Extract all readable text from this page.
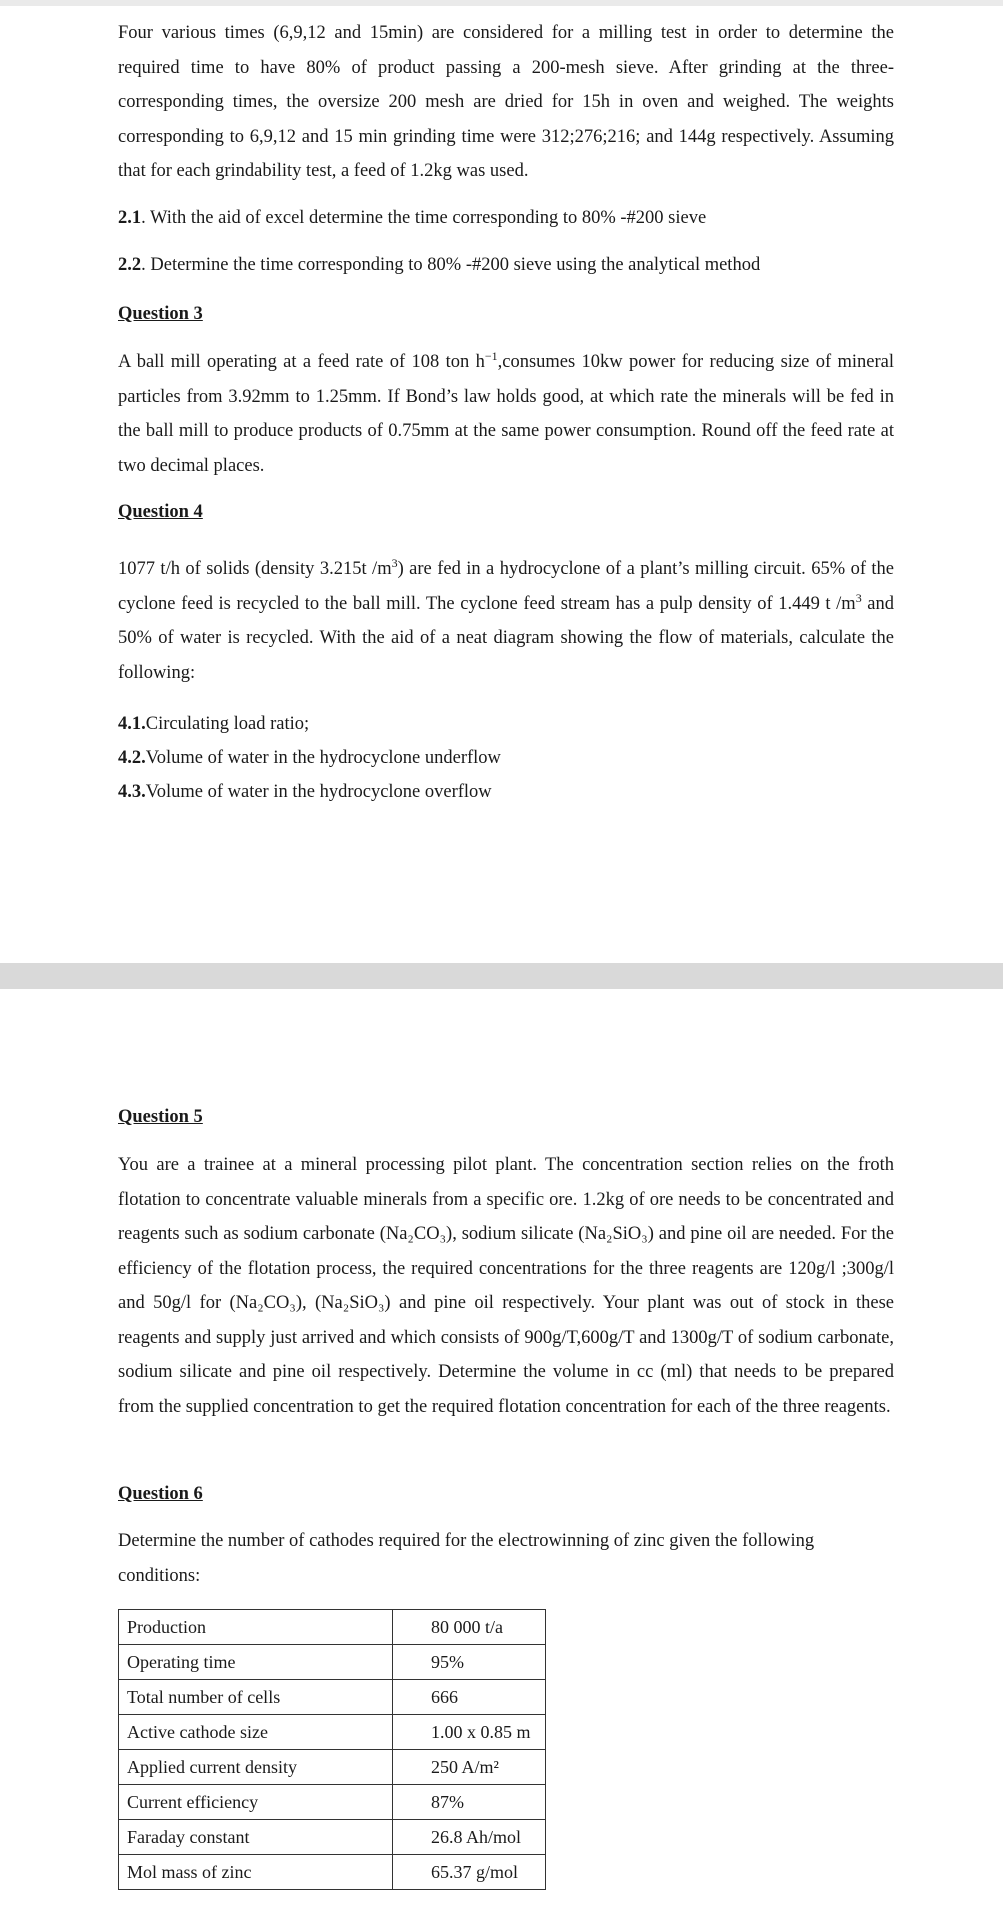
Four various times (6,9,12 and 15min) are considered for a milling test in order to determine the required time to have 80% of product passing a 200-mesh sieve. After grinding at the three-corresponding times, the oversize 200 mesh are dried for 15h in oven and weighed. The weights corresponding to 6,9,12 and 15 min grinding time were 312;276;216; and 144g respectively. Assuming that for each grindability test, a feed of 1.2kg was used.

2.1. With the aid of excel determine the time corresponding to 80% -#200 sieve

2.2. Determine the time corresponding to 80% -#200 sieve using the analytical method

Question 3

A ball mill operating at a feed rate of 108 ton $h^{-1},consumes$ 10kw power for reducing size of mineral particles from 3.92mm to 1.25mm. If Bond’s law holds good, at which rate the minerals will be fed in the ball mill to produce products of 0.75mm at the same power consumption. Round off the feed rate at two decimal places.

Question 4

1077 t/h of solids (density 3.215t $/m^3$) are fed in a hydrocyclone of a plant’s milling circuit. 65% of the cyclone feed is recycled to the ball mill. The cyclone feed stream has a pulp density of 1.449 t $/m^3$ and 50% of water is recycled. With the aid of a neat diagram showing the flow of materials, calculate the following:

4.1.Circulating load ratio;

4.2.Volume of water in the hydrocyclone underflow

4.3.Volume of water in the hydrocyclone overflow

Question 5

You are a trainee at a mineral processing pilot plant. The concentration section relies on the froth flotation to concentrate valuable minerals from a specific ore. 1.2kg of ore needs to be concentrated and reagents such as sodium carbonate (Na₂CO₃), sodium silicate (Na₂SiO₃) and pine oil are needed. For the efficiency of the flotation process, the required concentrations for the three reagents are 120g/l ;300g/l and 50g/l for (Na₂CO₃), (Na₂SiO₃) and pine oil respectively. Your plant was out of stock in these reagents and supply just arrived and which consists of 900g/T,600g/T and 1300g/T of sodium carbonate, sodium silicate and pine oil respectively. Determine the volume in cc (ml) that needs to be prepared from the supplied concentration to get the required flotation concentration for each of the three reagents.

Question 6

Determine the number of cathodes required for the electrowinning of zinc given the following conditions:

Production	80 000 t/a
Operating time	95%
Total number of cells	666
Active cathode size	1.00 x 0.85 m
Applied current density	250 A/m²
Current efficiency	87%
Faraday constant	26.8 Ah/mol
Mol mass of zinc	65.37 g/mol
